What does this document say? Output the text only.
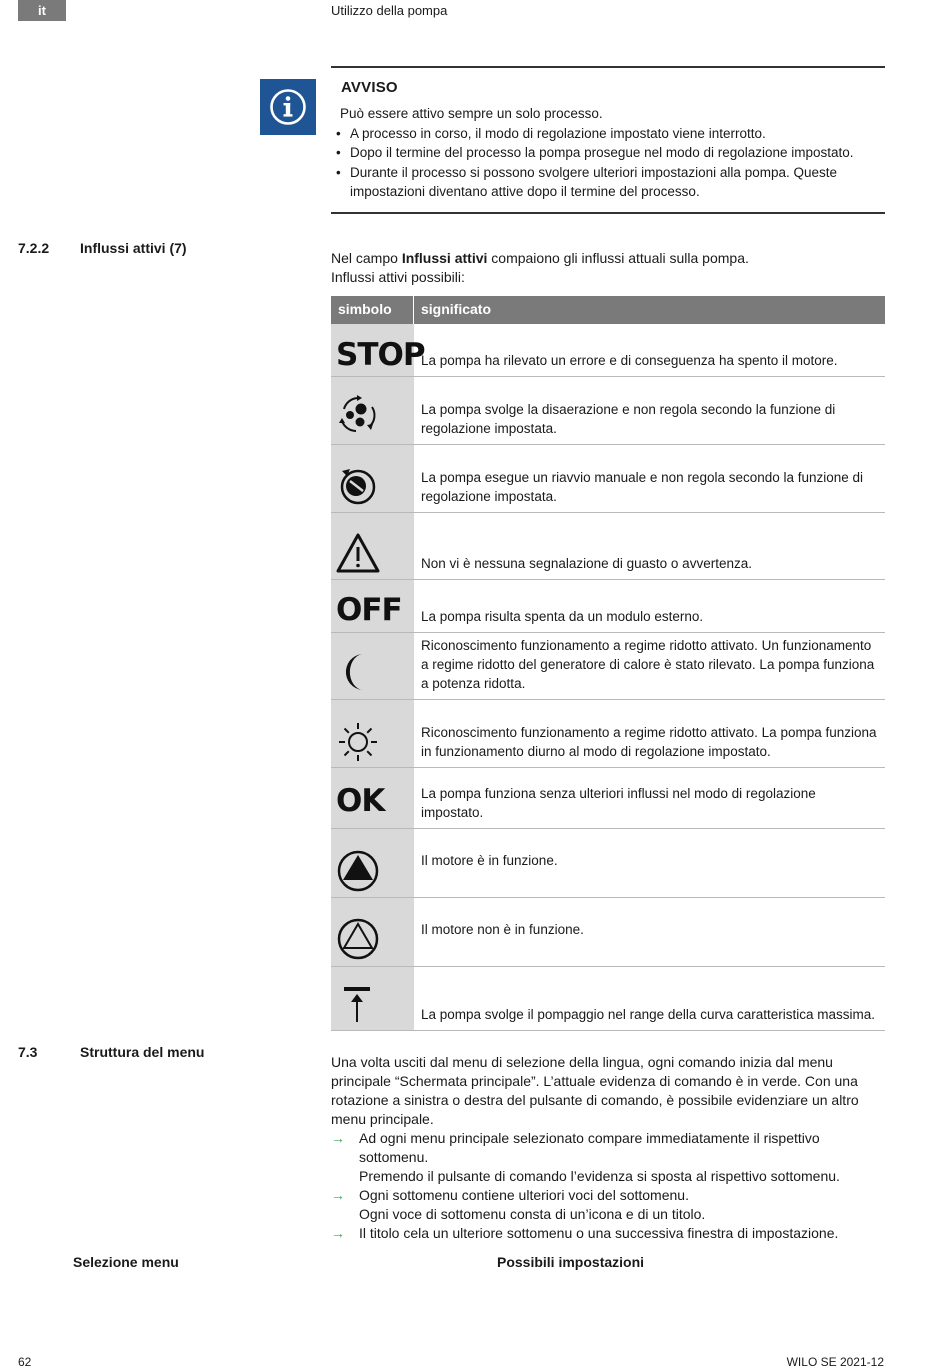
it	Utilizzo della pompa
AVVISO
Può essere attivo sempre un solo processo.
• A processo in corso, il modo di regolazione impostato viene interrotto.
• Dopo il termine del processo la pompa prosegue nel modo di regolazione impostato.
• Durante il processo si possono svolgere ulteriori impostazioni alla pompa. Queste impostazioni diventano attive dopo il termine del processo.
7.2.2 Influssi attivi (7)
Nel campo Influssi attivi compaiono gli influssi attuali sulla pompa.
Influssi attivi possibili:
simbolo	significato
STOP
La pompa ha rilevato un errore e di conseguenza ha spento il motore.
La pompa svolge la disaerazione e non regola secondo la funzione di regolazione impostata.
La pompa esegue un riavvio manuale e non regola secondo la funzione di regolazione impostata.
Non vi è nessuna segnalazione di guasto o avvertenza.
OFF La pompa risulta spenta da un modulo esterno.
Riconoscimento funzionamento a regime ridotto attivato. Un funzionamento a regime ridotto del generatore di calore è stato rilevato. La pompa funziona a potenza ridotta.
Riconoscimento funzionamento a regime ridotto attivato. La pompa funziona in funzionamento diurno al modo di regolazione impostato.
OK	La pompa funziona senza ulteriori influssi nel modo di regolazione impostato.
Il motore è in funzione.
Il motore non è in funzione.
La pompa svolge il pompaggio nel range della curva caratteristica massima.
7.3	Struttura del menu

Una volta usciti dal menu di selezione della lingua, ogni comando inizia dal menu principale “Schermata principale”. L’attuale evidenza di comando è in verde. Con una rotazione a sinistra o destra del pulsante di comando, è possibile evidenziare un altro menu principale.

→ Ad ogni menu principale selezionato compare immediatamente il rispettivo sottomenu.
Premendo il pulsante di comando l’evidenza si sposta al rispettivo sottomenu.
→ Ogni sottomenu contiene ulteriori voci del sottomenu.
Ogni voce di sottomenu consta di un’icona e di un titolo.
→ Il titolo cela un ulteriore sottomenu o una successiva finestra di impostazione.
Selezione menu	Possibili impostazioni
62	WILO SE 2021-12
